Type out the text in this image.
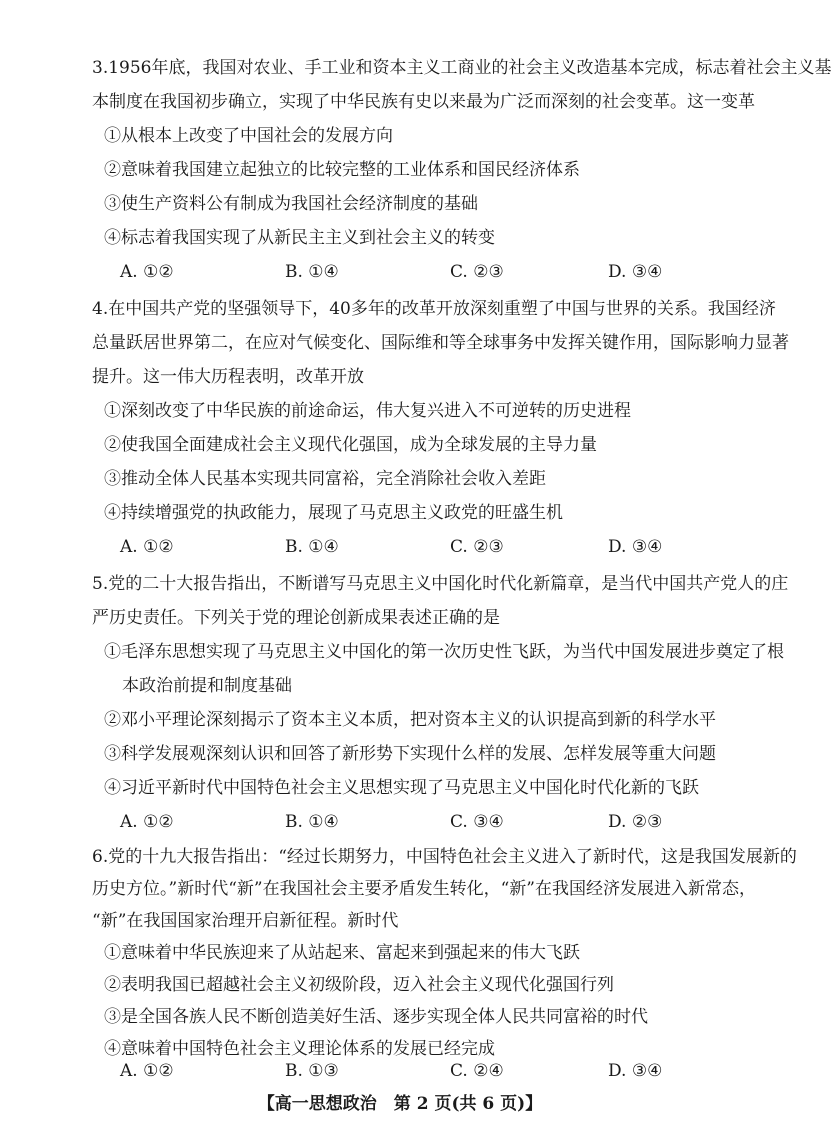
3.1956年底，我国对农业、手工业和资本主义工商业的社会主义改造基本完成，标志着社会主义基
本制度在我国初步确立，实现了中华民族有史以来最为广泛而深刻的社会变革。这一变革
①从根本上改变了中国社会的发展方向
②意味着我国建立起独立的比较完整的工业体系和国民经济体系
③使生产资料公有制成为我国社会经济制度的基础
④标志着我国实现了从新民主主义到社会主义的转变
A. ①②	B. ①④	C. ②③	D. ③④
4.在中国共产党的坚强领导下，40多年的改革开放深刻重塑了中国与世界的关系。我国经济
总量跃居世界第二，在应对气候变化、国际维和等全球事务中发挥关键作用，国际影响力显著
提升。这一伟大历程表明，改革开放
①深刻改变了中华民族的前途命运，伟大复兴进入不可逆转的历史进程
②使我国全面建成社会主义现代化强国，成为全球发展的主导力量
③推动全体人民基本实现共同富裕，完全消除社会收入差距
④持续增强党的执政能力，展现了马克思主义政党的旺盛生机
A. ①②	B. ①④	C. ②③	D. ③④
5.党的二十大报告指出，不断谱写马克思主义中国化时代化新篇章，是当代中国共产党人的庄
严历史责任。下列关于党的理论创新成果表述正确的是
①毛泽东思想实现了马克思主义中国化的第一次历史性飞跃，为当代中国发展进步奠定了根
本政治前提和制度基础
②邓小平理论深刻揭示了资本主义本质，把对资本主义的认识提高到新的科学水平
③科学发展观深刻认识和回答了新形势下实现什么样的发展、怎样发展等重大问题
④习近平新时代中国特色社会主义思想实现了马克思主义中国化时代化新的飞跃
A. ①②	B. ①④	C. ③④	D. ②③
6.党的十九大报告指出：“经过长期努力，中国特色社会主义进入了新时代，这是我国发展新的
历史方位。”新时代“新”在我国社会主要矛盾发生转化，“新”在我国经济发展进入新常态，
“新”在我国国家治理开启新征程。新时代
①意味着中华民族迎来了从站起来、富起来到强起来的伟大飞跃
②表明我国已超越社会主义初级阶段，迈入社会主义现代化强国行列
③是全国各族人民不断创造美好生活、逐步实现全体人民共同富裕的时代
④意味着中国特色社会主义理论体系的发展已经完成
【高一思想政治　第 2 页(共 6 页)】
A. ①②	B. ①③	C. ②④	D. ③④
